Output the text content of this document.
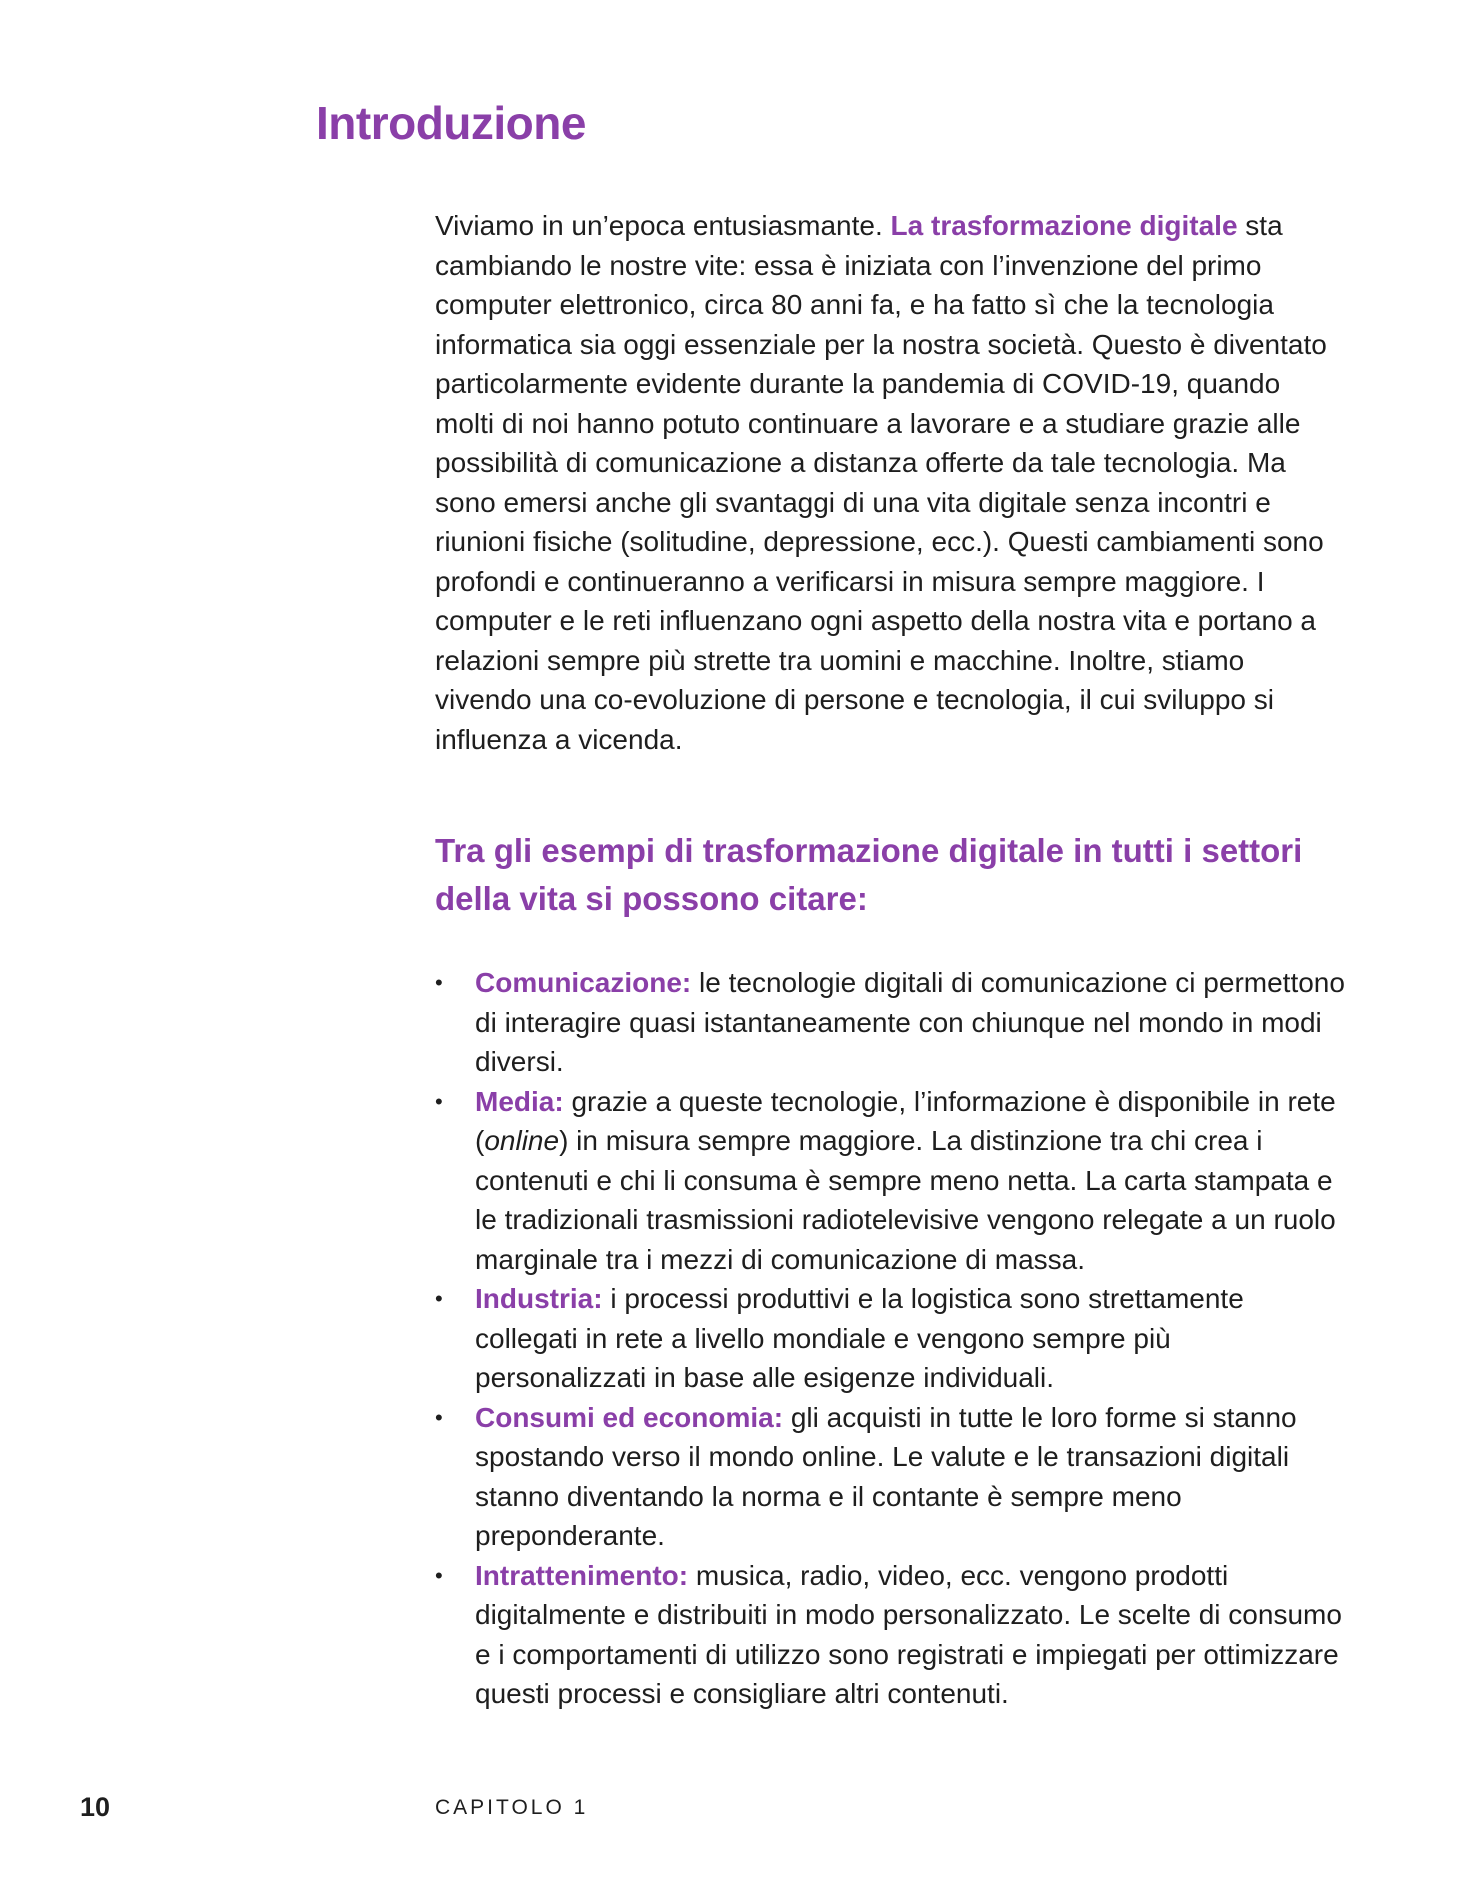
Introduzione

Viviamo in un’epoca entusiasmante. La trasformazione digitale sta cambiando le nostre vite: essa è iniziata con l’invenzione del primo computer elettronico, circa 80 anni fa, e ha fatto sì che la tecnologia informatica sia oggi essenziale per la nostra società. Questo è diventato particolarmente evidente durante la pandemia di COVID-19, quando molti di noi hanno potuto continuare a lavorare e a studiare grazie alle possibilità di comunicazione a distanza offerte da tale tecnologia. Ma sono emersi anche gli svantaggi di una vita digitale senza incontri e riunioni fisiche (solitudine, depressione, ecc.). Questi cambiamenti sono profondi e continueranno a verificarsi in misura sempre maggiore. I computer e le reti influenzano ogni aspetto della nostra vita e portano a relazioni sempre più strette tra uomini e macchine. Inoltre, stiamo vivendo una co-evoluzione di persone e tecnologia, il cui sviluppo si influenza a vicenda.

Tra gli esempi di trasformazione digitale in tutti i settori della vita si possono citare:
•	Comunicazione: le tecnologie digitali di comunicazione ci permettono di interagire quasi istantaneamente con chiunque nel mondo in modi diversi.
•	Media: grazie a queste tecnologie, l’informazione è disponibile in rete (online) in misura sempre maggiore. La distinzione tra chi crea i contenuti e chi li consuma è sempre meno netta. La carta stampata e le tradizionali trasmissioni radiotelevisive vengono relegate a un ruolo marginale tra i mezzi di comunicazione di massa.
•	Industria: i processi produttivi e la logistica sono strettamente collegati in rete a livello mondiale e vengono sempre più personalizzati in base alle esigenze individuali.
•	Consumi ed economia: gli acquisti in tutte le loro forme si stanno spostando verso il mondo online. Le valute e le transazioni digitali stanno diventando la norma e il contante è sempre meno preponderante.
•	Intrattenimento: musica, radio, video, ecc. vengono prodotti digitalmente e distribuiti in modo personalizzato. Le scelte di consumo e i comportamenti di utilizzo sono registrati e impiegati per ottimizzare questi processi e consigliare altri contenuti.
10	CAPITOLO 1
